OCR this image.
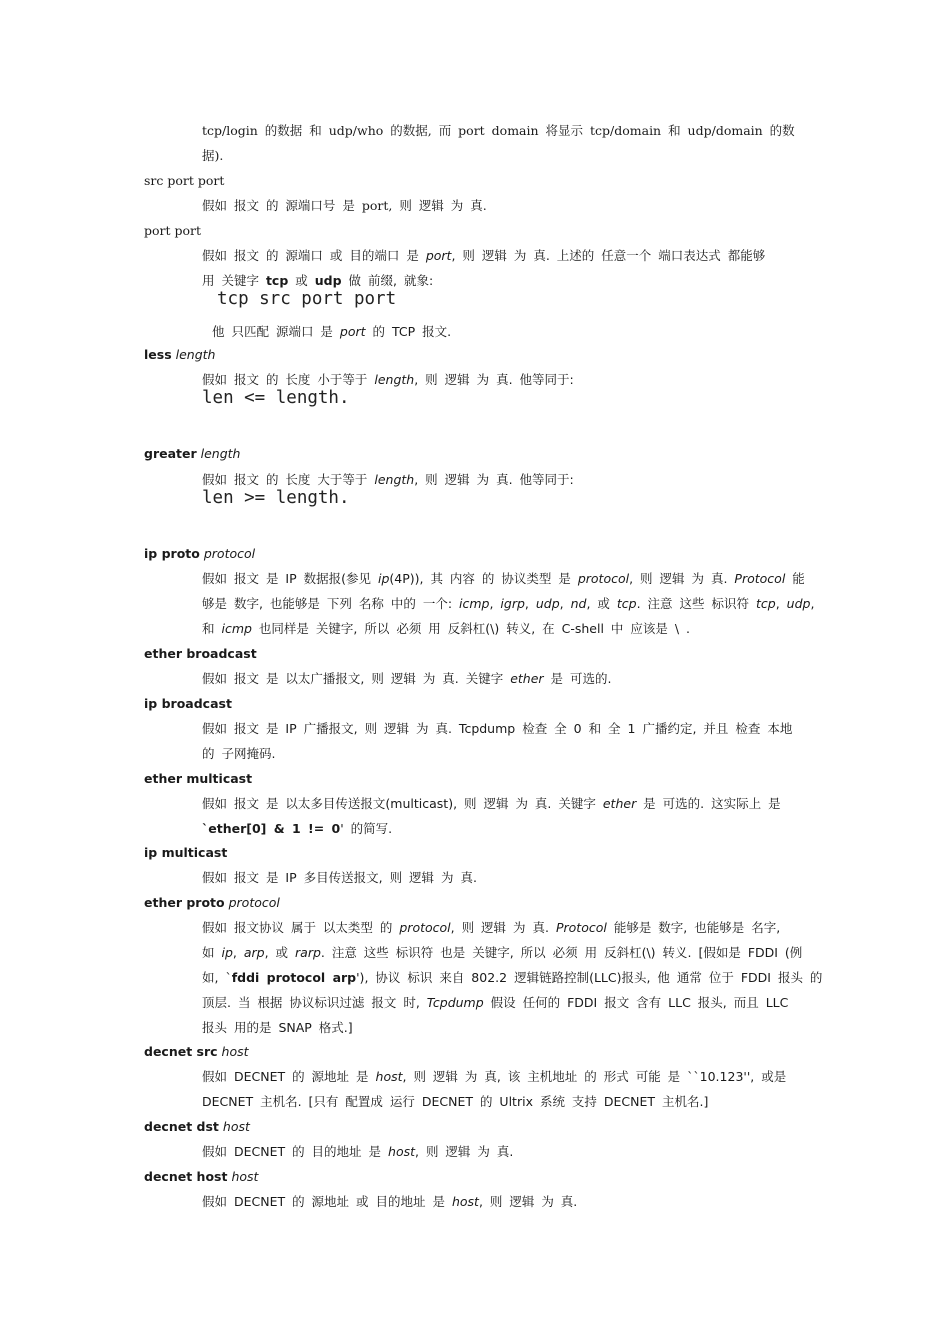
tcp/login 的数据 和 udp/who 的数据, 而 port domain 将显示 tcp/domain 和 udp/domain 的数
据).
src port port
假如 报文 的 源端口号 是 port, 则 逻辑 为 真.
port port
假如 报文 的 源端口 或 目的端口 是 port, 则 逻辑 为 真. 上述的 任意一个 端口表达式 都能够
用 关键字 tcp 或 udp 做 前缀, 就象:
tcp src port port
他 只匹配 源端口 是 port 的 TCP 报文.
less length
假如 报文 的 长度 小于等于 length, 则 逻辑 为 真. 他等同于:
len <= length.
greater length
假如 报文 的 长度 大于等于 length, 则 逻辑 为 真. 他等同于:
len >= length.
ip proto protocol
假如 报文 是 IP 数据报(参见 ip(4P)), 其 内容 的 协议类型 是 protocol, 则 逻辑 为 真. Protocol 能
够是 数字, 也能够是 下列 名称 中的 一个: icmp, igrp, udp, nd, 或 tcp. 注意 这些 标识符 tcp, udp,
和 icmp 也同样是 关键字, 所以 必须 用 反斜杠(\) 转义, 在 C-shell 中 应该是 \ .
ether broadcast
假如 报文 是 以太广播报文, 则 逻辑 为 真. 关键字 ether 是 可选的.
ip broadcast
假如 报文 是 IP 广播报文, 则 逻辑 为 真. Tcpdump 检查 全 0 和 全 1 广播约定, 并且 检查 本地
的 子网掩码.
ether multicast
假如 报文 是 以太多目传送报文(multicast), 则 逻辑 为 真. 关键字 ether 是 可选的. 这实际上 是
`ether[0] & 1 != 0' 的简写.
ip multicast
假如 报文 是 IP 多目传送报文, 则 逻辑 为 真.
ether proto protocol
假如 报文协议 属于 以太类型 的 protocol, 则 逻辑 为 真. Protocol 能够是 数字, 也能够是 名字,
如 ip, arp, 或 rarp. 注意 这些 标识符 也是 关键字, 所以 必须 用 反斜杠(\) 转义. [假如是 FDDI (例
如, `fddi protocol arp'), 协议 标识 来自 802.2 逻辑链路控制(LLC)报头, 他 通常 位于 FDDI 报头 的
顶层. 当 根据 协议标识过滤 报文 时, Tcpdump 假设 任何的 FDDI 报文 含有 LLC 报头, 而且 LLC
报头 用的是 SNAP 格式.]
decnet src host
假如 DECNET 的 源地址 是 host, 则 逻辑 为 真, 该 主机地址 的 形式 可能 是 ``10.123'', 或是
DECNET 主机名. [只有 配置成 运行 DECNET 的 Ultrix 系统 支持 DECNET 主机名.]
decnet dst host
假如 DECNET 的 目的地址 是 host, 则 逻辑 为 真.
decnet host host
假如 DECNET 的 源地址 或 目的地址 是 host, 则 逻辑 为 真.
